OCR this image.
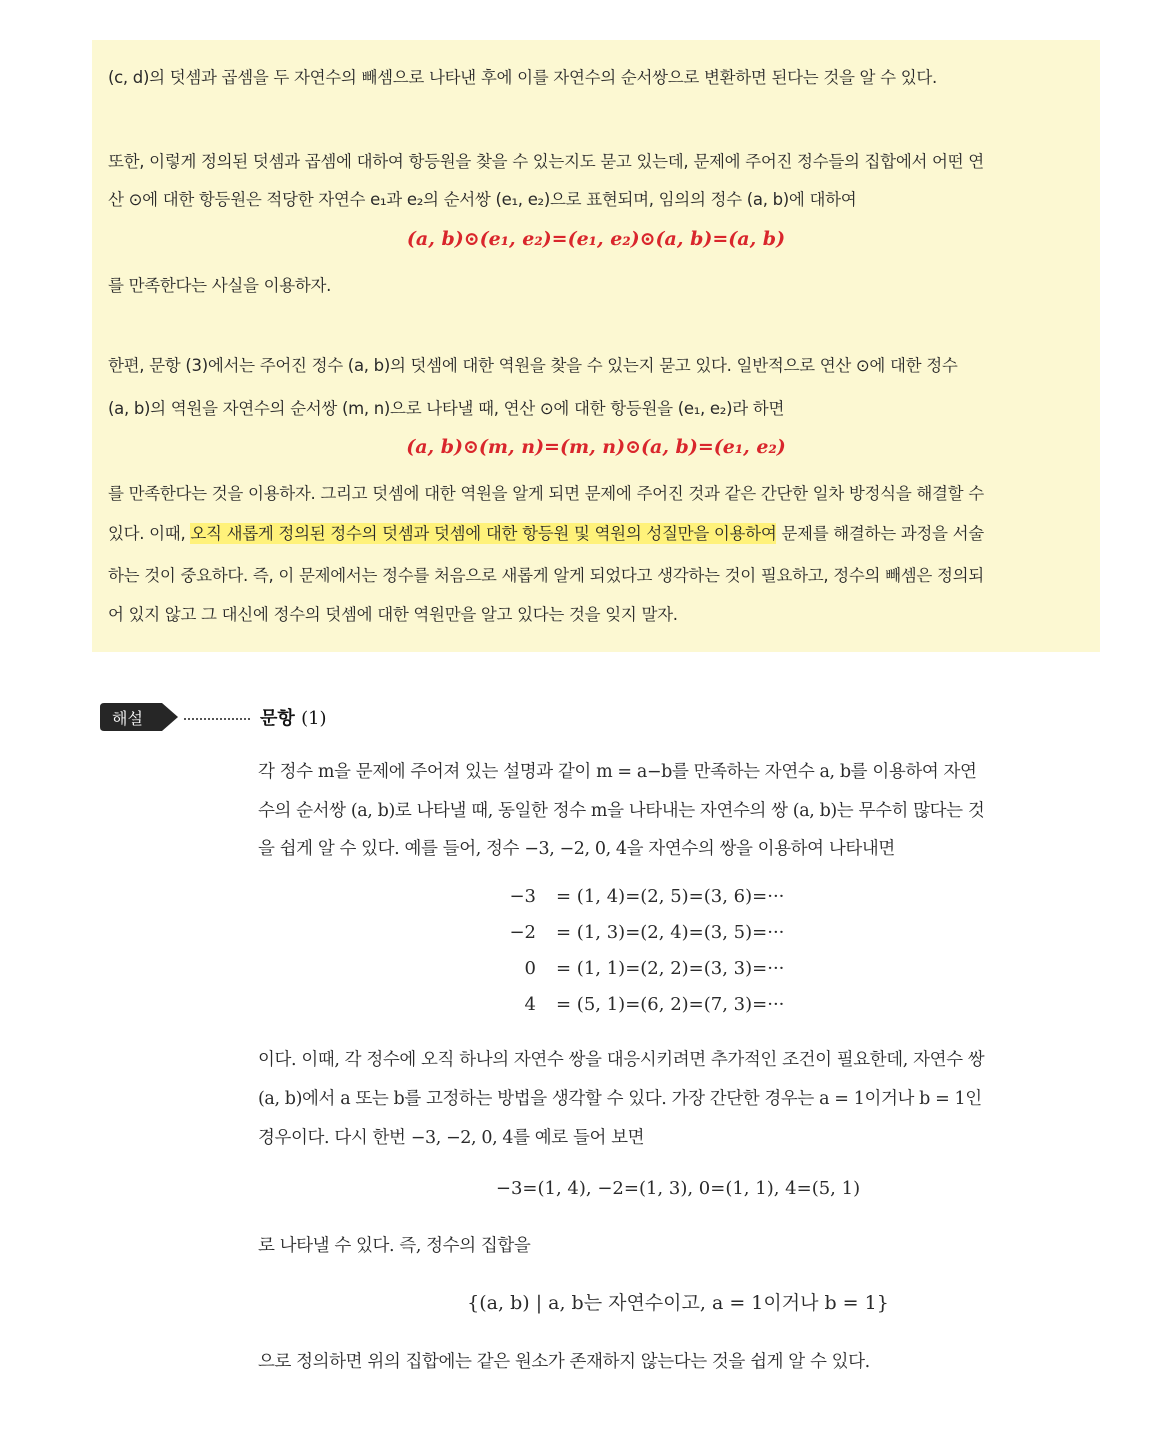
(c, d)의 덧셈과 곱셈을 두 자연수의 빼셈으로 나타낸 후에 이를 자연수의 순서쌍으로 변환하면 된다는 것을 알 수 있다.
또한, 이렇게 정의된 덧셈과 곱셈에 대하여 항등원을 찾을 수 있는지도 묻고 있는데, 문제에 주어진 정수들의 집합에서 어떤 연
산 ⊙에 대한 항등원은 적당한 자연수 e₁과 e₂의 순서쌍 (e₁, e₂)으로 표현되며, 임의의 정수 (a, b)에 대하여
(a, b)⊙(e₁, e₂)=(e₁, e₂)⊙(a, b)=(a, b)
를 만족한다는 사실을 이용하자.
한편, 문항 (3)에서는 주어진 정수 (a, b)의 덧셈에 대한 역원을 찾을 수 있는지 묻고 있다. 일반적으로 연산 ⊙에 대한 정수
(a, b)의 역원을 자연수의 순서쌍 (m, n)으로 나타낼 때, 연산 ⊙에 대한 항등원을 (e₁, e₂)라 하면
(a, b)⊙(m, n)=(m, n)⊙(a, b)=(e₁, e₂)
를 만족한다는 것을 이용하자. 그리고 덧셈에 대한 역원을 알게 되면 문제에 주어진 것과 같은 간단한 일차 방정식을 해결할 수
있다. 이때, 오직 새롭게 정의된 정수의 덧셈과 덧셈에 대한 항등원 및 역원의 성질만을 이용하여 문제를 해결하는 과정을 서술
하는 것이 중요하다. 즉, 이 문제에서는 정수를 처음으로 새롭게 알게 되었다고 생각하는 것이 필요하고, 정수의 빼셈은 정의되
어 있지 않고 그 대신에 정수의 덧셈에 대한 역원만을 알고 있다는 것을 잊지 말자.
해설	문항 (1)
각 정수 m을 문제에 주어져 있는 설명과 같이 m = a−b를 만족하는 자연수 a, b를 이용하여 자연
수의 순서쌍 (a, b)로 나타낼 때, 동일한 정수 m을 나타내는 자연수의 쌍 (a, b)는 무수히 많다는 것
을 쉽게 알 수 있다. 예를 들어, 정수 −3, −2, 0, 4을 자연수의 쌍을 이용하여 나타내면
−3 = (1, 4)=(2, 5)=(3, 6)=···
−2 = (1, 3)=(2, 4)=(3, 5)=···
0 = (1, 1)=(2, 2)=(3, 3)=···
4 = (5, 1)=(6, 2)=(7, 3)=···
이다. 이때, 각 정수에 오직 하나의 자연수 쌍을 대응시키려면 추가적인 조건이 필요한데, 자연수 쌍
(a, b)에서 a 또는 b를 고정하는 방법을 생각할 수 있다. 가장 간단한 경우는 a = 1이거나 b = 1인
경우이다. 다시 한번 −3, −2, 0, 4를 예로 들어 보면
−3=(1, 4), −2=(1, 3), 0=(1, 1), 4=(5, 1)
로 나타낼 수 있다. 즉, 정수의 집합을
{(a, b) | a, b는 자연수이고, a = 1이거나 b = 1}
으로 정의하면 위의 집합에는 같은 원소가 존재하지 않는다는 것을 쉽게 알 수 있다.
